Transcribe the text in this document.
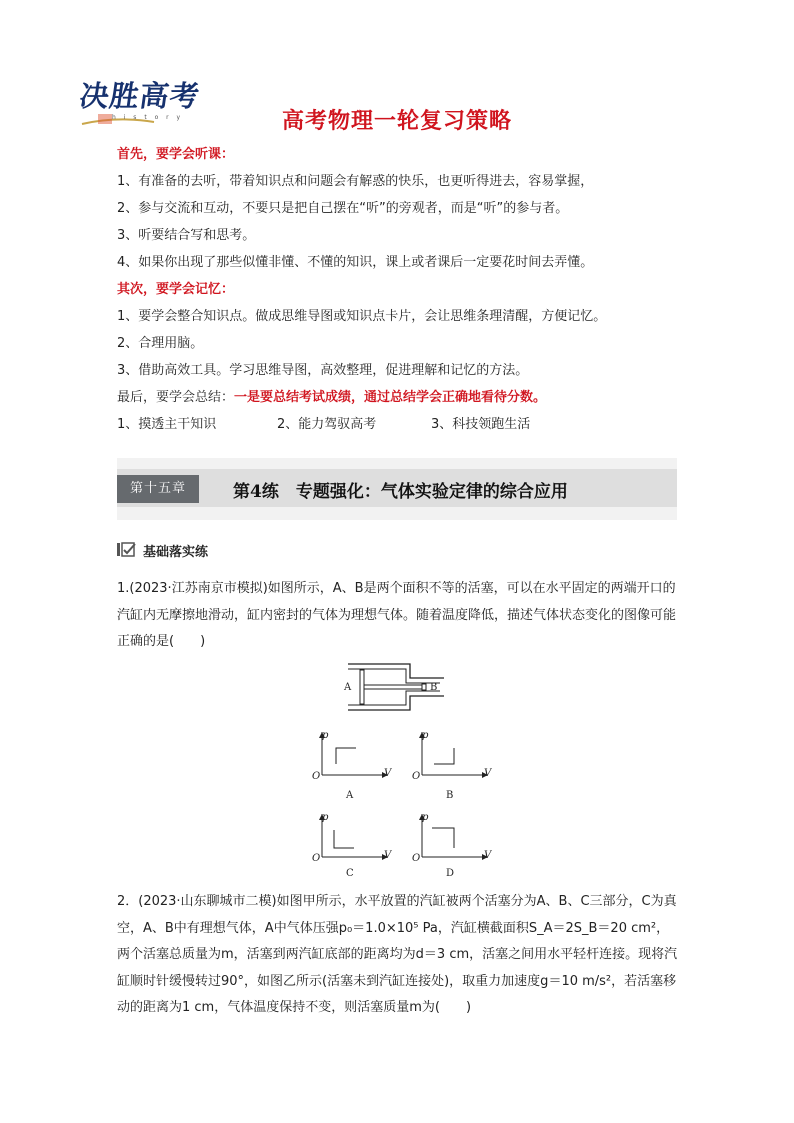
决胜高考
h i s t o r y	高考物理一轮复习策略
首先，要学会听课：
1、有准备的去听，带着知识点和问题会有解惑的快乐，也更听得进去，容易掌握，
2、参与交流和互动，不要只是把自己摆在“听”的旁观者，而是“听”的参与者。
3、听要结合写和思考。
4、如果你出现了那些似懂非懂、不懂的知识，课上或者课后一定要花时间去弄懂。
其次，要学会记忆：
1、要学会整合知识点。做成思维导图或知识点卡片，会让思维条理清醒，方便记忆。
2、合理用脑。
3、借助高效工具。学习思维导图，高效整理，促进理解和记忆的方法。
最后，要学会总结：一是要总结考试成绩，通过总结学会正确地看待分数。
1、摸透主干知识	2、能力驾驭高考	3、科技领跑生活
第十五章	第4练　专题强化：气体实验定律的综合应用
基础落实练
1.(2023·江苏南京市模拟)如图所示，A、B是两个面积不等的活塞，可以在水平固定的两端开口的汽缸内无摩擦地滑动，缸内密封的气体为理想气体。随着温度降低，描述气体状态变化的图像可能正确的是(　　)
A	B
p
V
O
A
p
V
O
B
p
V
O
C
p
V
O
D
2．(2023·山东聊城市二模)如图甲所示，水平放置的汽缸被两个活塞分为A、B、C三部分，C为真空，A、B中有理想气体，A中气体压强p₀＝1.0×10⁵ Pa，汽缸横截面积S_A＝2S_B＝20 cm²，两个活塞总质量为m，活塞到两汽缸底部的距离均为d＝3 cm，活塞之间用水平轻杆连接。现将汽缸顺时针缓慢转过90°，如图乙所示(活塞未到汽缸连接处)，取重力加速度g＝10 m/s²，若活塞移动的距离为1 cm，气体温度保持不变，则活塞质量m为(　　)
